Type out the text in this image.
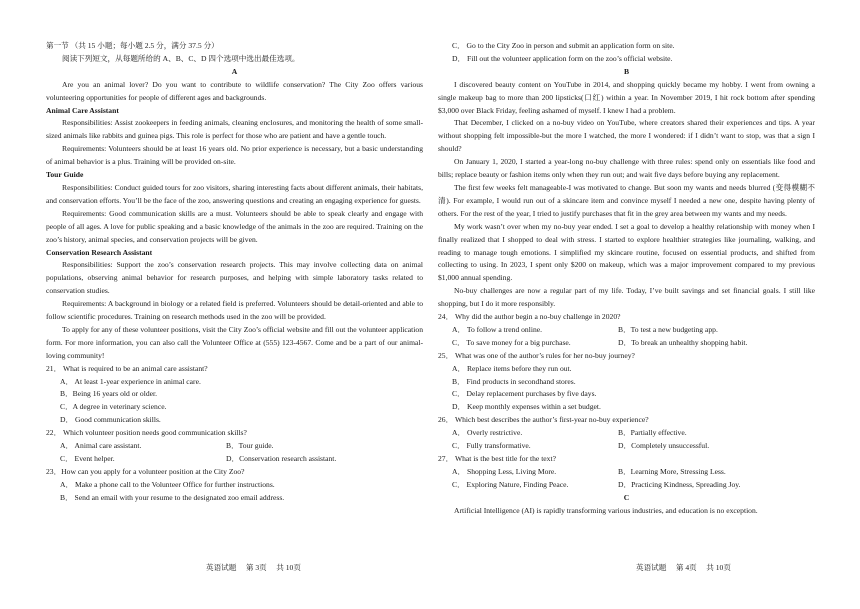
第一节 （共 15 小题；每小题 2.5 分，满分 37.5 分）

阅读下列短文，从每题所给的 A、B、C、D 四个选项中选出最佳选项。

A

Are you an animal lover? Do you want to contribute to wildlife conservation? The City Zoo offers various volunteering opportunities for people of different ages and backgrounds.

Animal Care Assistant

Responsibilities: Assist zookeepers in feeding animals, cleaning enclosures, and monitoring the health of some small-sized animals like rabbits and guinea pigs. This role is perfect for those who are patient and have a gentle touch.

Requirements: Volunteers should be at least 16 years old. No prior experience is necessary, but a basic understanding of animal behavior is a plus. Training will be provided on-site.

Tour Guide

Responsibilities: Conduct guided tours for zoo visitors, sharing interesting facts about different animals, their habitats, and conservation efforts. You’ll be the face of the zoo, answering questions and creating an engaging experience for guests.

Requirements: Good communication skills are a must. Volunteers should be able to speak clearly and engage with people of all ages. A love for public speaking and a basic knowledge of the animals in the zoo are required. Training on the zoo’s history, animal species, and conservation projects will be given.

Conservation Research Assistant

Responsibilities: Support the zoo’s conservation research projects. This may involve collecting data on animal populations, observing animal behavior for research purposes, and helping with simple laboratory tasks related to conservation studies.

Requirements: A background in biology or a related field is preferred. Volunteers should be detail-oriented and able to follow scientific procedures. Training on research methods used in the zoo will be provided.

To apply for any of these volunteer positions, visit the City Zoo’s official website and fill out the volunteer application form. For more information, you can also call the Volunteer Office at (555) 123-4567. Come and be a part of our animal-loving community!

21． What is required to be an animal care assistant?

A． At least 1-year experience in animal care.

B．Being 16 years old or older.

C．A degree in veterinary science.

D． Good communication skills.

22． Which volunteer position needs good communication skills?

A． Animal care assistant.	B．Tour guide.
C． Event helper.	D．Conservation research assistant.

23．How can you apply for a volunteer position at the City Zoo?

A． Make a phone call to the Volunteer Office for further instructions.

B． Send an email with your resume to the designated zoo email address.

C． Go to the City Zoo in person and submit an application form on site.

D． Fill out the volunteer application form on the zoo’s official website.

B

I discovered beauty content on YouTube in 2014, and shopping quickly became my hobby. I went from owning a single makeup bag to more than 200 lipsticks(口红) within a year. In November 2019, I hit rock bottom after spending $3,000 over Black Friday, feeling ashamed of myself. I knew I had a problem.

That December, I clicked on a no-buy video on YouTube, where creators shared their experiences and tips. A year without shopping felt impossible-but the more I watched, the more I wondered: if I didn’t want to stop, was that a sign I should?

On January 1, 2020, I started a year-long no-buy challenge with three rules: spend only on essentials like food and bills; replace beauty or fashion items only when they run out; and wait five days before buying any replacement.

The first few weeks felt manageable-I was motivated to change. But soon my wants and needs blurred (变得模糊不清). For example, I would run out of a skincare item and convince myself I needed a new one, despite having plenty of others. For the rest of the year, I tried to justify purchases that fit in the grey area between my wants and my needs.

My work wasn’t over when my no-buy year ended. I set a goal to develop a healthy relationship with money when I finally realized that I shopped to deal with stress. I started to explore healthier strategies like journaling, walking, and reading to manage tough emotions. I simplified my skincare routine, focused on essential products, and shifted from collecting to using. In 2023, I spent only $200 on makeup, which was a major improvement compared to my previous $1,000 annual spending.

No-buy challenges are now a regular part of my life. Today, I’ve built savings and set financial goals. I still like shopping, but I do it more responsibly.

24． Why did the author begin a no-buy challenge in 2020?

A． To follow a trend online.	B．To test a new budgeting app.
C． To save money for a big purchase.	D．To break an unhealthy shopping habit.

25． What was one of the author’s rules for her no-buy journey?

A． Replace items before they run out.

B． Find products in secondhand stores.

C． Delay replacement purchases by five days.

D． Keep monthly expenses within a set budget.

26． Which best describes the author’s first-year no-buy experience?

A． Overly restrictive.	B．Partially effective.
C． Fully transformative.	D．Completely unsuccessful.

27． What is the best title for the text?

A． Shopping Less, Living More.	B．Learning More, Stressing Less.
C． Exploring Nature, Finding Peace.	D．Practicing Kindness, Spreading Joy.

C

Artificial Intelligence (AI) is rapidly transforming various industries, and education is no exception.

英语试题     第 3页     共 10页	英语试题     第 4页     共 10页
